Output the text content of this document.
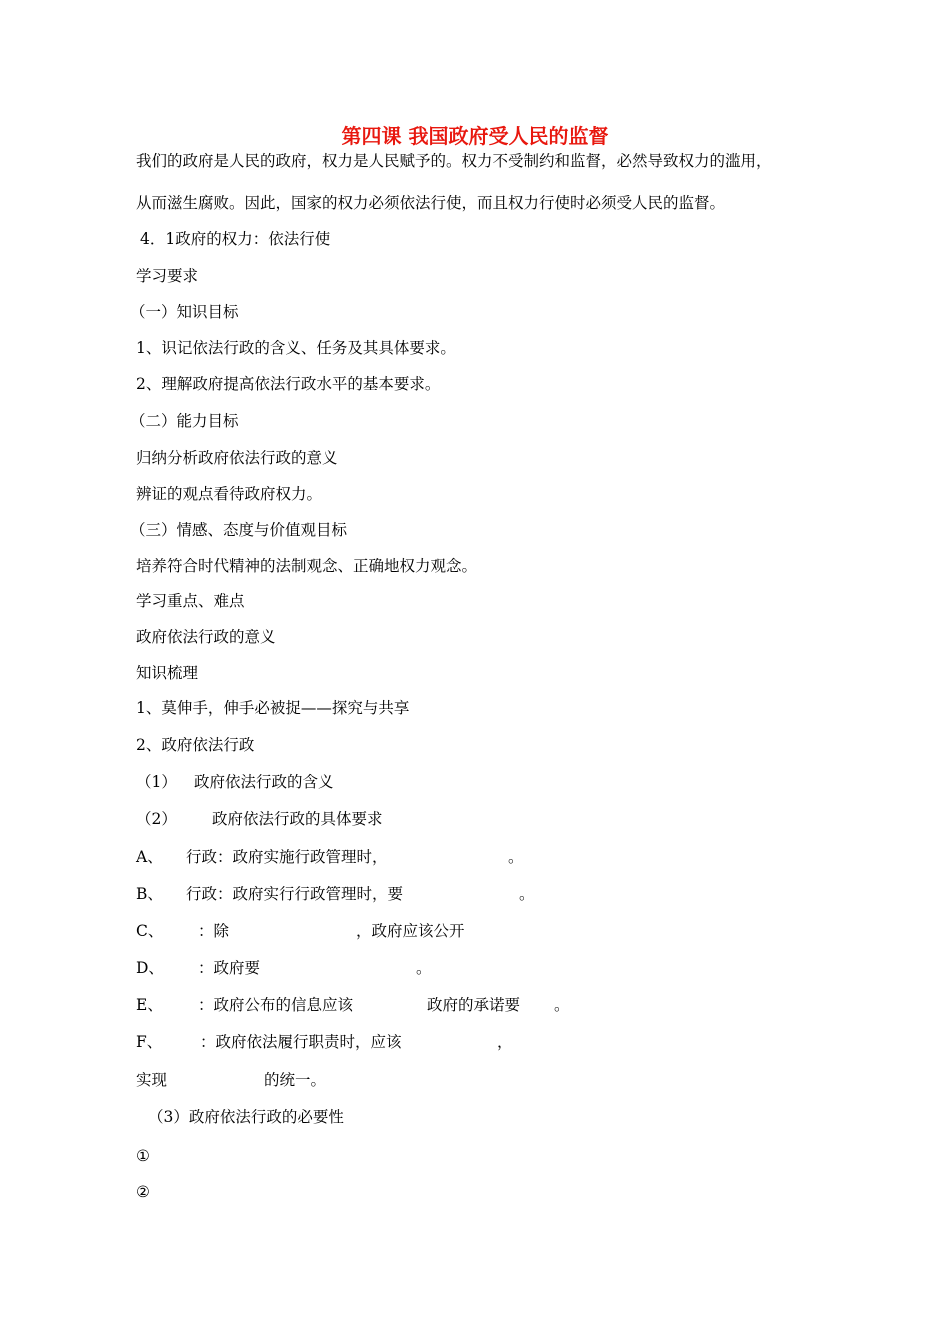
第四课 我国政府受人民的监督
我们的政府是人民的政府，权力是人民赋予的。权力不受制约和监督，必然导致权力的滥用，
从而滋生腐败。因此，国家的权力必须依法行使，而且权力行使时必须受人民的监督。
4．1政府的权力：依法行使
学习要求
（一）知识目标
1、识记依法行政的含义、任务及其具体要求。
2、理解政府提高依法行政水平的基本要求。
（二）能力目标
归纳分析政府依法行政的意义
辨证的观点看待政府权力。
（三）情感、态度与价值观目标
培养符合时代精神的法制观念、正确地权力观念。
学习重点、难点
政府依法行政的意义
知识梳理
1、莫伸手，伸手必被捉——探究与共享
2、政府依法行政
（1） 政府依法行政的含义
（2） 政府依法行政的具体要求
A、 行政：政府实施行政管理时，	。
B、 行政：政府实行行政管理时，要	。
C、 ：除	，政府应该公开
D、 ：政府要	。
E、 ：政府公布的信息应该	政府的承诺要 。
F、 ：政府依法履行职责时，应该	，
实现	的统一。
（3）政府依法行政的必要性
①
②
